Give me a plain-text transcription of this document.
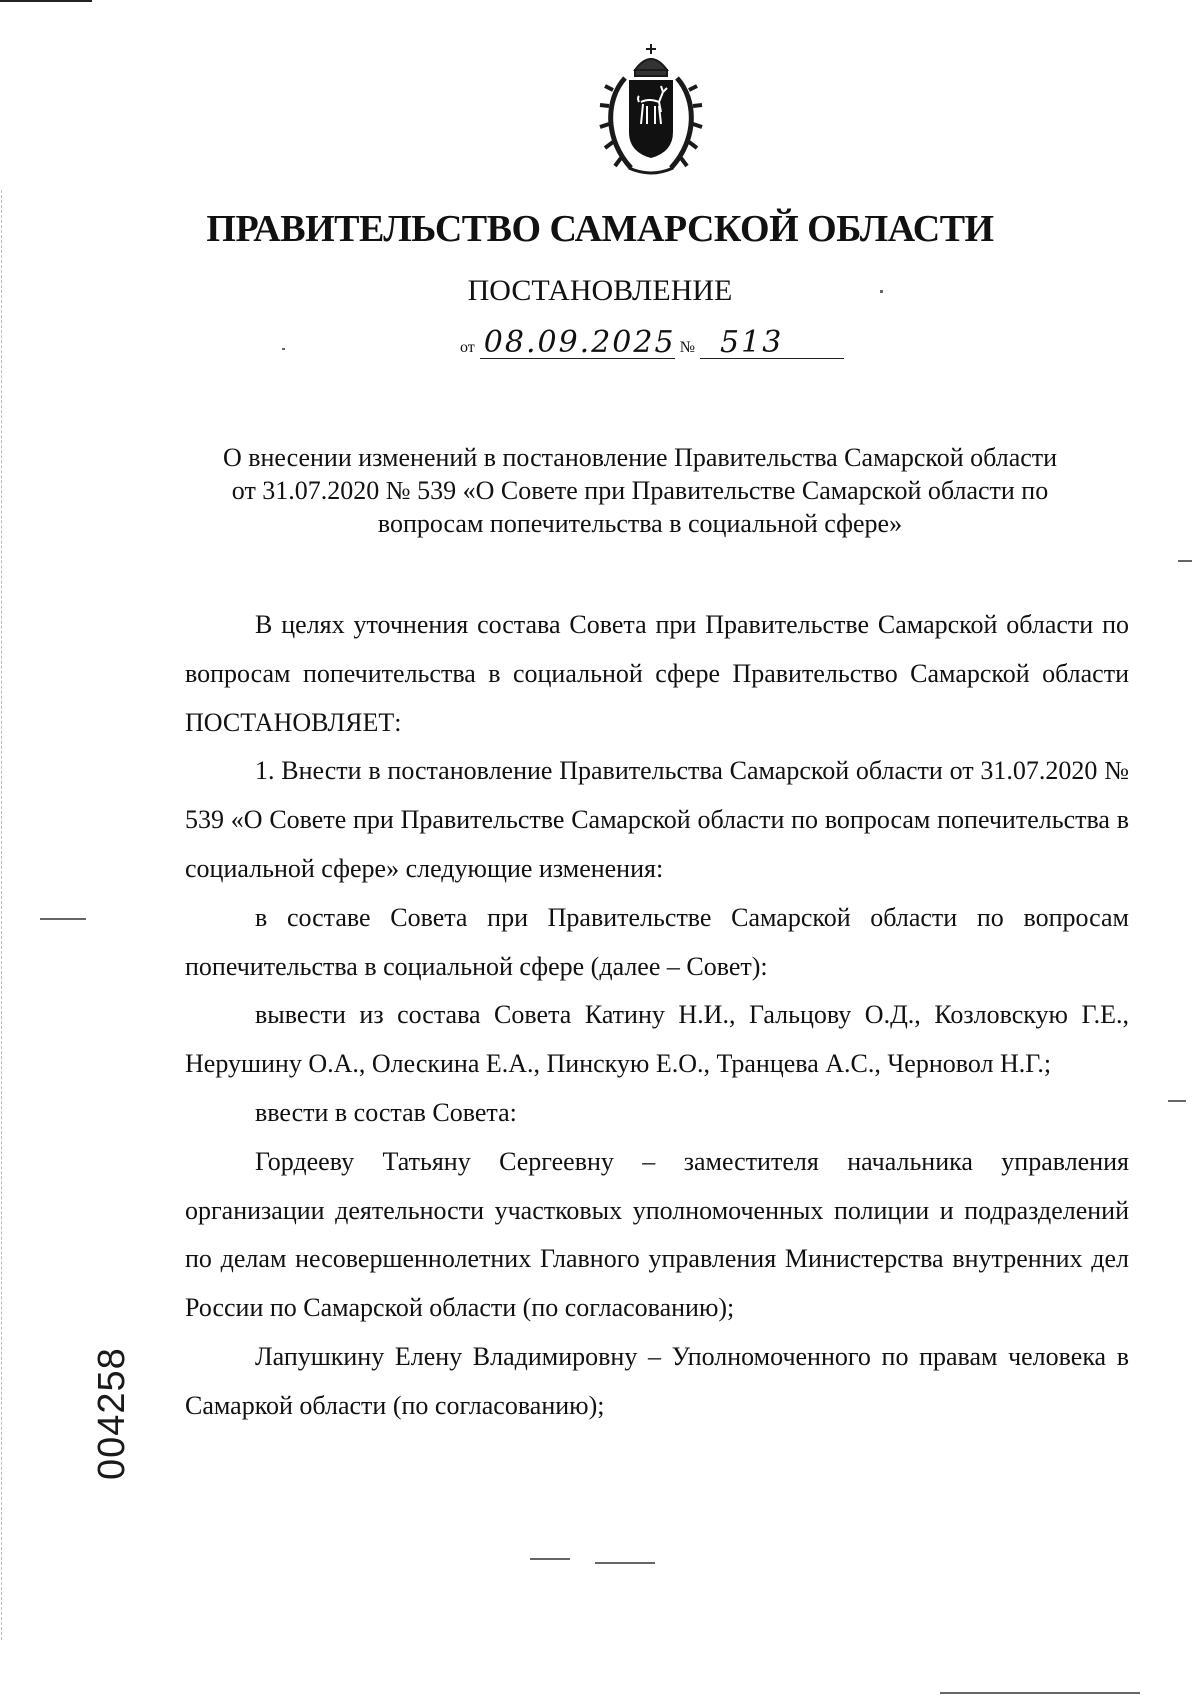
ПРАВИТЕЛЬСТВО САМАРСКОЙ ОБЛАСТИ
ПОСТАНОВЛЕНИЕ
от 08.09.2025 № 513
О внесении изменений в постановление Правительства Самарской области
от 31.07.2020 № 539 «О Совете при Правительстве Самарской области по
вопросам попечительства в социальной сфере»

В целях уточнения состава Совета при Правительстве Самарской области по вопросам попечительства в социальной сфере Правительство Самарской области ПОСТАНОВЛЯЕТ:

1. Внести в постановление Правительства Самарской области от 31.07.2020 № 539 «О Совете при Правительстве Самарской области по вопросам попечительства в социальной сфере» следующие изменения:

в составе Совета при Правительстве Самарской области по вопросам попечительства в социальной сфере (далее – Совет):

вывести из состава Совета Катину Н.И., Гальцову О.Д., Козловскую Г.Е., Нерушину О.А., Олескина Е.А., Пинскую Е.О., Транцева А.С., Черновол Н.Г.;

ввести в состав Совета:

Гордееву Татьяну Сергеевну – заместителя начальника управления организации деятельности участковых уполномоченных полиции и подразделений по делам несовершеннолетних Главного управления Министерства внутренних дел России по Самарской области (по согласованию);

Лапушкину Елену Владимировну – Уполномоченного по правам человека в Самаркой области (по согласованию);

004258
